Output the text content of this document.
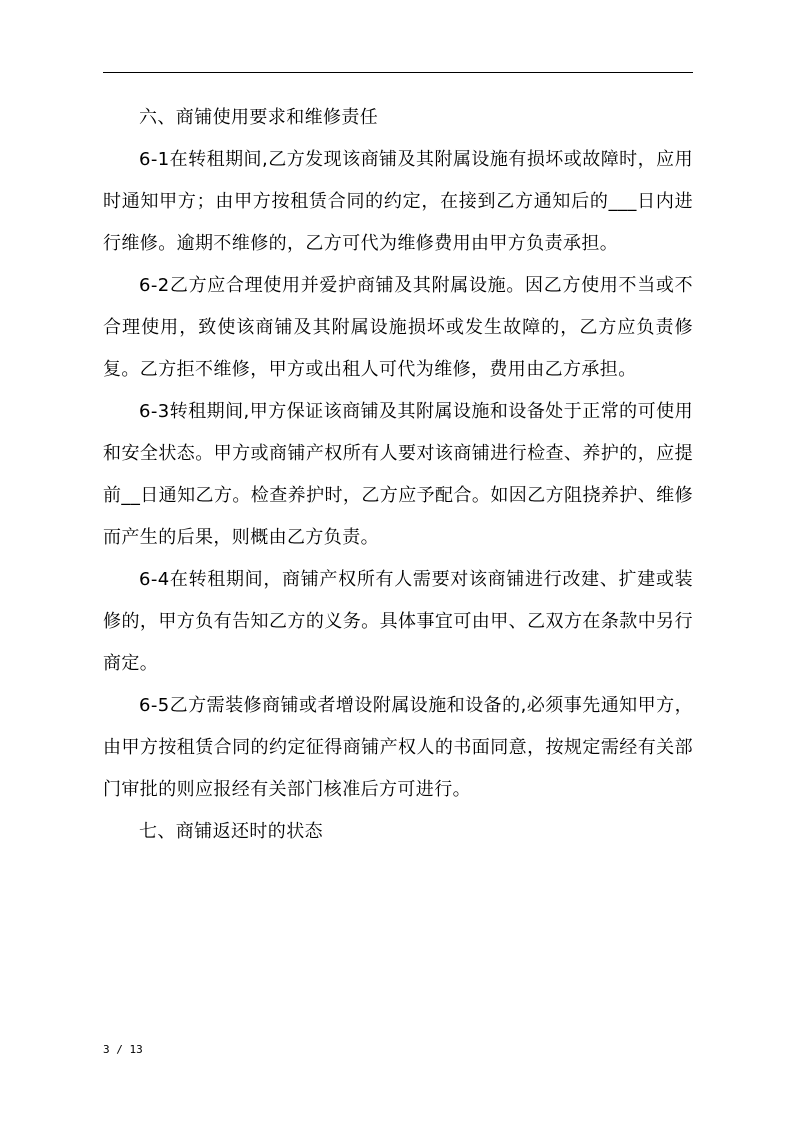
六、商铺使用要求和维修责任

6-1在转租期间,乙方发现该商铺及其附属设施有损坏或故障时，应用时通知甲方；由甲方按租赁合同的约定，在接到乙方通知后的___日内进行维修。逾期不维修的，乙方可代为维修费用由甲方负责承担。

6-2乙方应合理使用并爱护商铺及其附属设施。因乙方使用不当或不合理使用，致使该商铺及其附属设施损坏或发生故障的，乙方应负责修复。乙方拒不维修，甲方或出租人可代为维修，费用由乙方承担。

6-3转租期间,甲方保证该商铺及其附属设施和设备处于正常的可使用和安全状态。甲方或商铺产权所有人要对该商铺进行检查、养护的，应提前__日通知乙方。检查养护时，乙方应予配合。如因乙方阻挠养护、维修而产生的后果，则概由乙方负责。

6-4在转租期间，商铺产权所有人需要对该商铺进行改建、扩建或装修的，甲方负有告知乙方的义务。具体事宜可由甲、乙双方在条款中另行商定。

6-5乙方需装修商铺或者增设附属设施和设备的,必须事先通知甲方，由甲方按租赁合同的约定征得商铺产权人的书面同意，按规定需经有关部门审批的则应报经有关部门核准后方可进行。

七、商铺返还时的状态

3 / 13
